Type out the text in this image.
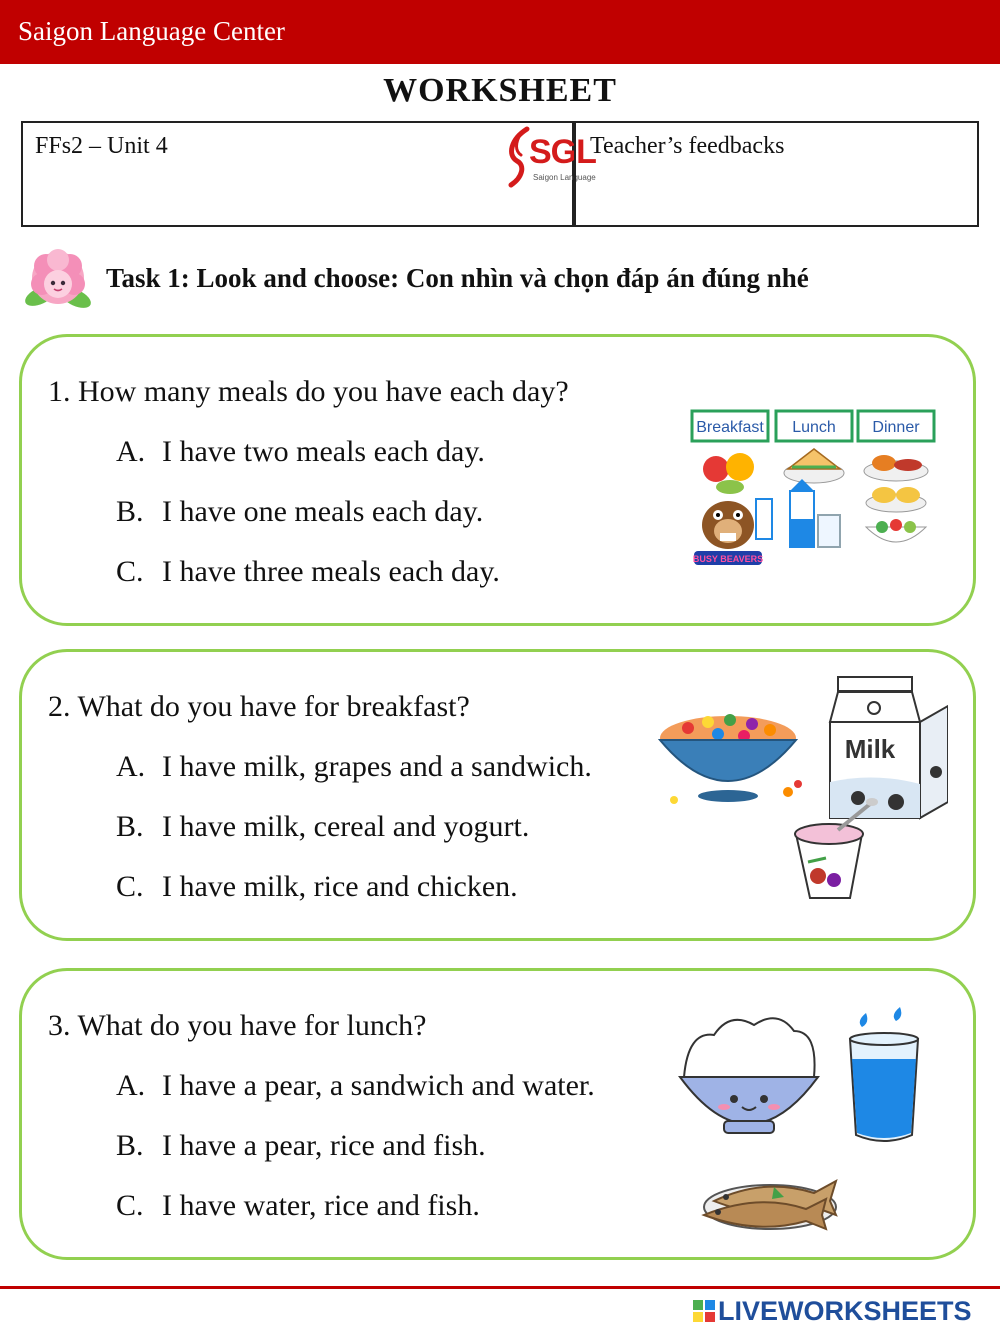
Saigon Language Center
WORKSHEET
FFs2 – Unit 4	SGL
Saigon Language
Teacher’s feedbacks
Task 1: Look and choose: Con nhìn và chọn đáp án đúng nhé
1. How many meals do you have each day?
A. I have two meals each day.
B. I have one meals each day.
C. I have three meals each day.
Breakfast Lunch Dinner
BUSY BEAVERS
2. What do you have for breakfast?
A. I have milk, grapes and a sandwich.
B. I have milk, cereal and yogurt.
C. I have milk, rice and chicken.
Milk
3. What do you have for lunch?
A. I have a pear, a sandwich and water.
B. I have a pear, rice and fish.
C. I have water, rice and fish.
LIVEWORKSHEETS
